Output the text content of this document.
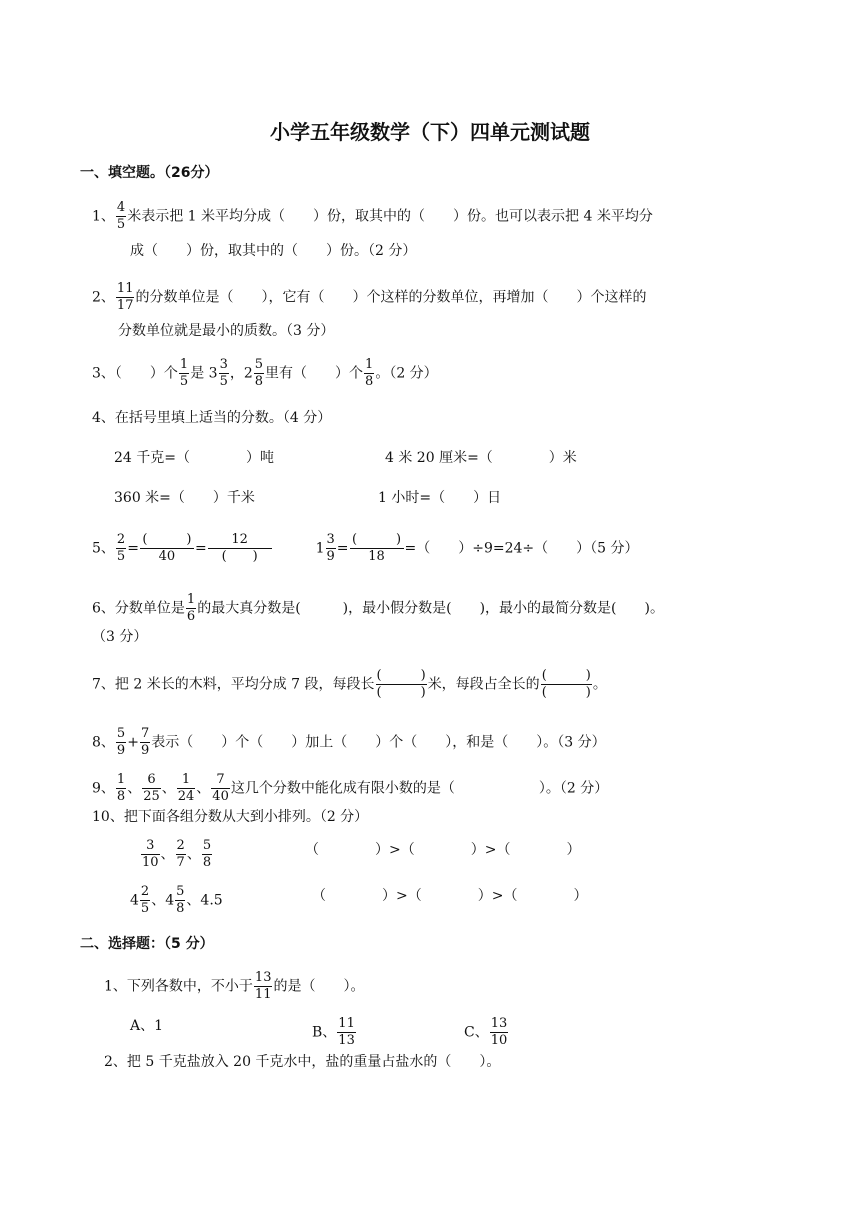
小学五年级数学（下）四单元测试题
一、填空题。（26分）
1、 $\frac{4}{5}$ 米表示把 1 米平均分成（　　）份，取其中的（　　）份。也可以表示把 4 米平均分
成（　　）份，取其中的（　　）份。（2 分）
2、 $\frac{11}{17}$ 的分数单位是（　　），它有（　　）个这样的分数单位，再增加（　　）个这样的
分数单位就是最小的质数。（3 分）
3、（　　）个 $\frac{1}{5}$ 是 $3 \frac{3}{5}$ ，$2 \frac{5}{8}$ 里有（　　）个 $\frac{1}{8}$ 。（2 分）
4、在括号里填上适当的分数。（4 分）
24 千克=（　　　　）吨	4 米 20 厘米=（　　　　）米
360 米=（　　）千米	1 小时=（　　）日
5、 $\frac{2}{5}$ =
(　　　)
40	=
12
(　　)	$1 \frac{3}{9}$ =
(　　　)
18	=（　　）÷9=24÷（　　）（5 分）
6、分数单位是 $\frac{1}{6}$ 的最大真分数是(　　　)，最小假分数是(　　)，最小的最简分数是(　　)。
（3 分）
7、把 2 米长的木料，平均分成 7 段，每段长
(　　　)
(　　　) 米，每段占全长的
(　　　)
(　　　) 。
8、 $\frac{5}{9} + \frac{7}{9}$ 表示（　　）个（　　）加上（　　）个（　　），和是（　　）。（3 分）
9、 $\frac{1}{8}$ 、 $\frac{6}{25}$ 、 $\frac{1}{24}$ 、 $\frac{7}{40}$ 这几个分数中能化成有限小数的是（　　　　　　）。（2 分）
10、把下面各组分数从大到小排列。（2 分）
$\frac{3}{10}$ 、 $\frac{2}{7}$ 、 $\frac{5}{8}$	（　　　　）>（　　　　）>（　　　　）
$4 \frac{2}{5}$ 、$4 \frac{5}{8}$ 、4.5	（　　　　）>（　　　　）>（　　　　）
二、选择题：（5 分）
1、下列各数中，不小于 $\frac{13}{11}$ 的是（　　）。
A、1	B、 $\frac{11}{13}$	C、 $\frac{13}{10}$
2、把 5 千克盐放入 20 千克水中，盐的重量占盐水的（　　）。
